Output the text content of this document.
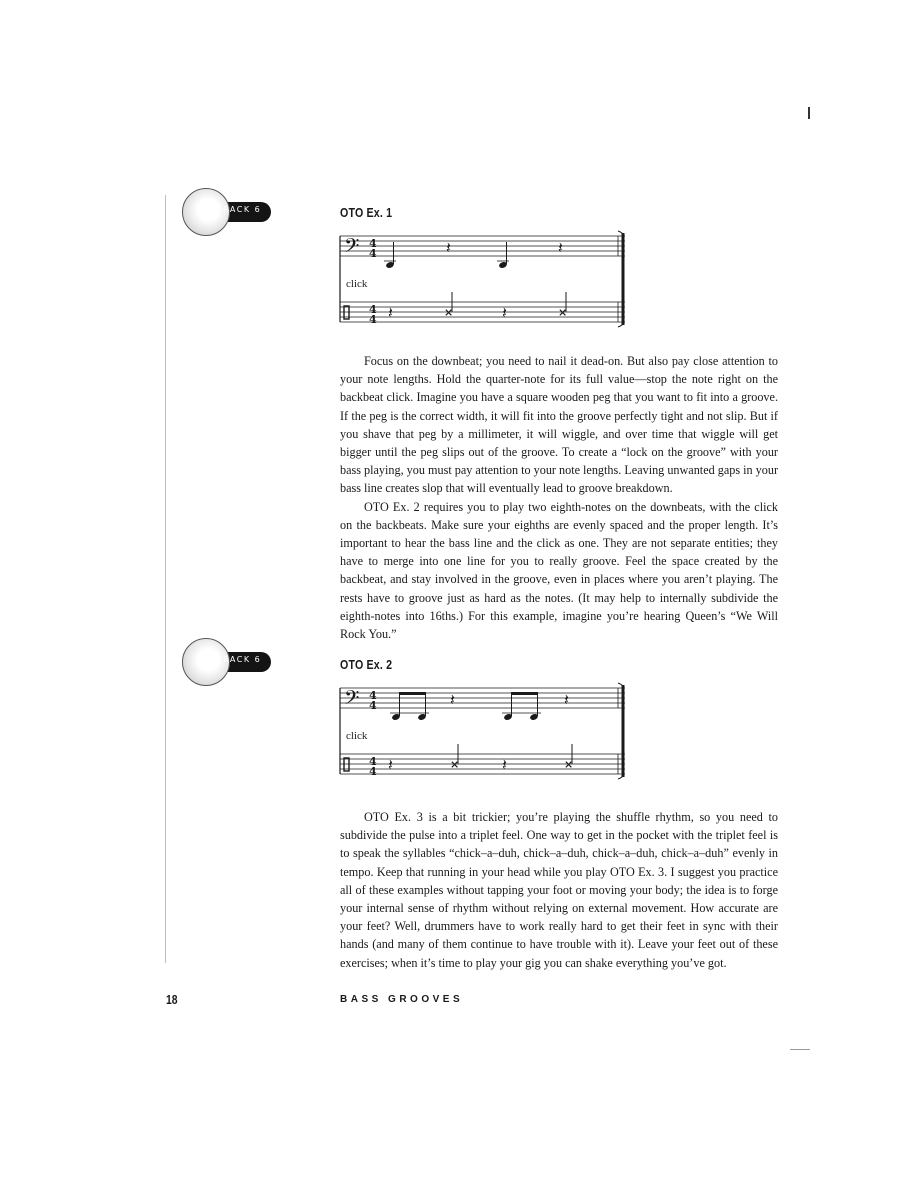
TRACK 6	OTO Ex. 1
𝄢 4
4
4
4
𝄽	𝄽
𝄽	𝄽
×	×
click

Focus on the downbeat; you need to nail it dead-on. But also pay close attention to your note lengths. Hold the quarter-note for its full value—stop the note right on the backbeat click. Imagine you have a square wooden peg that you want to fit into a groove. If the peg is the correct width, it will fit into the groove perfectly tight and not slip. But if you shave that peg by a millimeter, it will wiggle, and over time that wiggle will get bigger until the peg slips out of the groove. To create a “lock on the groove” with your bass playing, you must pay attention to your note lengths. Leaving unwanted gaps in your bass line creates slop that will eventually lead to groove breakdown.

OTO Ex. 2 requires you to play two eighth-notes on the downbeats, with the click on the backbeats. Make sure your eighths are evenly spaced and the proper length. It’s important to hear the bass line and the click as one. They are not separate entities; they have to merge into one line for you to really groove. Feel the space created by the backbeat, and stay involved in the groove, even in places where you aren’t playing. The rests have to groove just as hard as the notes. (It may help to internally subdivide the eighth-notes into 16ths.) For this example, imagine you’re hearing Queen’s “We Will Rock You.”

TRACK 6	OTO Ex. 2
𝄢 4
4
4
4
𝄽	𝄽
𝄽	𝄽
×	×
click

OTO Ex. 3 is a bit trickier; you’re playing the shuffle rhythm, so you need to subdivide the pulse into a triplet feel. One way to get in the pocket with the triplet feel is to speak the syllables “chick–a–duh, chick–a–duh, chick–a–duh, chick–a–duh” evenly in tempo. Keep that running in your head while you play OTO Ex. 3. I suggest you practice all of these examples without tapping your foot or moving your body; the idea is to forge your internal sense of rhythm without relying on external movement. How accurate are your feet? Well, drummers have to work really hard to get their feet in sync with their hands (and many of them continue to have trouble with it). Leave your feet out of these exercises; when it’s time to play your gig you can shake everything you’ve got.

18	BASS GROOVES
